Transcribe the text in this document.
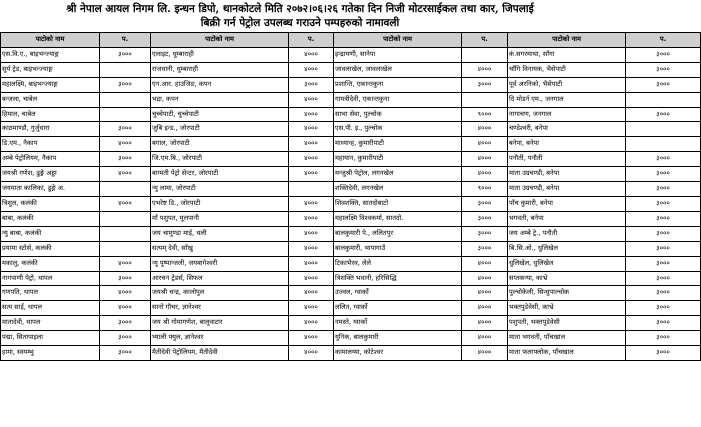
श्री नेपाल आयल निगम लि. इन्धन डिपो, थानकोटले मिति २०७२।०६।२६ गतेका दिन निजी मोटरसाईकल तथा कार, जिपलाई
बिक्री गर्न पेट्रोल उपलब्ध गराउने पम्पहरुको नामावली
पाटोको नाम	प.	पाटोको नाम	प.	पाटोको नाम	प.	पाटोको नाम	प.
एस.वि.ए., बाइभन्ज्याङ्ग	३०००	एलाइट, धुम्बाराही	४०००	इन्द्रायणी, सानेपा		कं.सगरमाथा, साँगा	३०००
सुर्य ट्रेड, बाइभन्ज्याङ्ग		राजधानी, धुम्बाराही	४०००	जावलाखेल, जावलाखेल	४०००	चाँगि विनायक, भैसेपाटी	३०००
महालक्ष्मि, बाइभन्ज्याङ्ग	३०००	एन.आर. हाउजिङ, कपन	३०००	प्रशान्ति, एकान्तकुना	३०००	पूर्व अरनिको, भैसेपाटी	३०००
बन्जला, चाबेल		भद्रा, कपन	४०००	गायत्रीदेवी, एकान्तकुना		दि मोडर्न एम., जनगाल	
हिमाल, चाबेल		चुच्चेपाटी, चुच्चेपाटी	४०००	साभा सेवा, पुल्चोक	९०००	नागाचण, जनगाल	३०००
काठमाण्डौ, गुर्जुधारा	३०००	जुबि इन्ड., जोरपाटी	४०००	एस.पी. इ., पुल्चोक	४०००	चण्डेश्वरी, बनेपा	
डि.एम., नैकाप	४०००	बगाल, जोरपाटी	४०००	माध्यान्ह, कुमारीपाटी	४०००	बनेपा, बनेपा	
अम्बे पेट्रोलियम, नैकाप	३०००	जि.एम.बि., जोरपाटी	४०००	महायान, कुमारीपाटी	४०००	पनौती, पनौती	३०००
जयश्री गणेश, ढुङ्गे अड्डा	४०००	बाग्मती पेट्रो सेन्टर, जोरपाटी	४०००	मन्जुश्री पेट्रोल, लगनखेल	४०००	माता उग्रचण्डी, बनेपा	३०००
जयमाता कालिका, ढुङ्गे अ.		न्यु लामा, जोरपाटी		शक्तिदेवी, लगनखेल	९०००	माता उग्रचण्डी, बनेपा	३०००
त्रिशुल, कलंकी	४०००	एभरेष्ट डि., जोरपाटी	४०००	शिवशक्ति, सातदोबाटो	३०००	पाँच कुमारी, बनेपा	३०००
बाबा, कलंकी		माँ पशुपत, मूलपानी	४०००	महालक्ष्मि विश्वकर्मा, सातदो.	३०००	भगवती, बनेपा	३०००
न्यु बाबा, कलंकी		जय चामुण्डा माई, थली	४०००	बालकुमारी पे., ललितपुर	३०००	जय अम्बे ट्रे., पनौती	३०००
प्रयामा स्टोर्स, कलंकी		सत्यम् देवी, साँखु	४०००	बालकुमारी, भापागाउँ	३०००	बि.सि.ओ., धुलिखेल	३०००
मकालु, कलंकी	४०००	न्यु पुष्पान्जली, जयबागेश्वरी	४०००	टिकाभैरव, लेले	४०००	धुलिखेल, धुलिखेल	३०००
नागपाणी पेट्रो, थापल	३०००	आरचन ट्रेडर्स, सिफल	४०००	त्रिशक्ति भवानी, हरिसिद्धि	४०००	सप्तकन्या, काभ्रे	३०००
गणपति, थापल	४०००	जयश्री चन्द्र, कालोपुल	४०००	उज्वल, ग्वार्को	४०००	पुल्चोकेली, सिन्धुपाल्चोक	३०००
सत्य साईं, थापल	४०००	सानो गौचर, ज्ञानेश्वर	४०००	ललित, ग्वार्को	४०००	भक्तपुडेवेसी, काभ्रे	३०००
मातादेवी, थापल	३०००	जय श्री गोमागणेश, बालुवाटार	४०००	नमस्ते, ग्वार्को	४०००	पशुपती, भक्तपुडेवेसी	३०००
पद्मा, सितापाइला	३०००	भ्याली फ्युल, ज्ञानेश्वर	४०००	युनिक, बालकुमारी	४०००	माता भगवती, पाँचखाल	३०००
हामा, स्वयम्भु	३०००	मैतीदेवी पेट्रोलियम, मैतीदेवी	४०००	कामालय्या, कोटेश्वर	४०००	माता फलाफ्लोक, पाँचखाल	३०००
